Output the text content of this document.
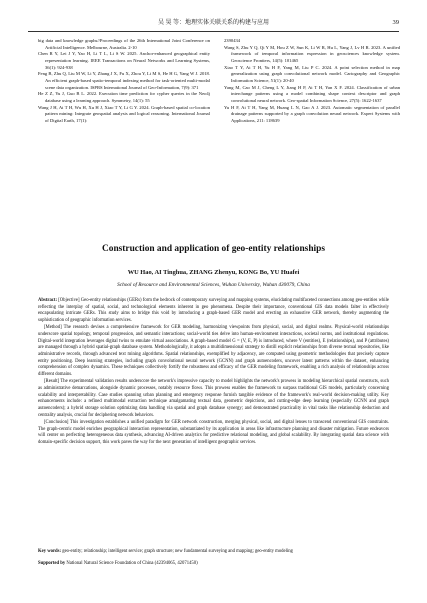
吴 昊 等：地理实体关联关系的构建与应用	39
big data and knowledge graphs//Proceedings of the 26th International Joint Conference on Artificial Intelligence. Melbourne, Australia. 2-10
Chen R Y, Lei J Y, Yao H, Li T L, Li S W. 2025. Anchor-enhanced geographical entity representation learning. IEEE Transactions on Neural Networks and Learning Systems, 36(1): 924-938
Feng B, Zhu Q, Liu M W, Li Y, Zhang J X, Fu X, Zhou Y, Li M S, He H G, Yang W J. 2018. An efficient graph-based spatio-temporal indexing method for task-oriented multi-modal scene data organization. ISPRS International Journal of Geo-Information, 7(9): 371
He Z Z, Yu J, Guo B L. 2022. Execution time prediction for cypher queries in the Neo4j database using a learning approach. Symmetry, 14(1): 55
Wang J H, Ai T H, Wu H, Xu H J, Xiao T Y, Li G Y. 2024. Graph-based spatial co-location pattern mining: Integrate geospatial analysis and logical reasoning. International Journal of Digital Earth, 17(1):
2390434
Wang S, Zhu Y Q, Qi Y M, Hou Z W, Sun K, Li W R, Hu L, Yang J, Lv H R. 2023. A unified framework of temporal information expression in geosciences knowledge system. Geoscience Frontiers, 14(5): 101465
Xiao T Y, Ai T H, Yu H F, Yang M, Liu P C. 2024. A point selection method in map generalization using graph convolutional network model. Cartography and Geographic Information Science, 51(1): 20-40
Yang M, Cao M J, Cheng L Y, Jiang H P, Ai T H, Yan X F. 2024. Classification of urban interchange patterns using a model combining shape context descriptor and graph convolutional neural network. Geo-spatial Information Science, 27(5): 1622-1637
Yu H F, Ai T H, Yang M, Huang L N, Gao A J. 2023. Automatic segmentation of parallel drainage patterns supported by a graph convolution neural network. Expert Systems with Applications, 211: 118639
Construction and application of geo-entity relationships
WU Hao, AI Tinghua, ZHANG Zhenyu, KONG Bo, YU Huafei
School of Resource and Environmental Sciences, Wuhan University, Wuhan 430079, China

Abstract: [Objective] Geo-entity relationships (GERs) form the bedrock of contemporary surveying and mapping systems, elucidating multifaceted connections among geo-entities while reflecting the interplay of spatial, social, and technological elements inherent in geo phenomena. Despite their importance, conventional GIS data models falter in effectively encapsulating intricate GERs. This study aims to bridge this void by introducing a graph-based GER model and erecting an exhaustive GER network, thereby augmenting the sophistication of geographic information services.

[Method] The research devises a comprehensive framework for GER modeling, harmonizing viewpoints from physical, social, and digital realms. Physical-world relationships underscore spatial topology, temporal progression, and semantic interactions; social-world ties delve into human-environment interactions, societal norms, and institutional regulations. Digital-world integration leverages digital twins to emulate virtual associations. A graph-based model G = (V, E, P) is introduced, where V (entities), E (relationships), and P (attributes) are managed through a hybrid spatial-graph database system. Methodologically, it adopts a multidimensional strategy to distill explicit relationships from diverse textual repositories, like administrative records, through advanced text mining algorithms. Spatial relationships, exemplified by adjacency, are computed using geometric methodologies that precisely capture entity positioning. Deep learning strategies, including graph convolutional neural network (GCNN) and graph autoencoders, uncover latent patterns within the dataset, enhancing comprehension of complex dynamics. These techniques collectively fortify the robustness and efficacy of the GER modeling framework, enabling a rich analysis of relationships across different domains.

[Result] The experimental validation results underscore the network's impressive capacity to model highlights the network's prowess in modeling hierarchical spatial constructs, such as administrative demarcations, alongside dynamic processes, notably resource flows. This prowess enables the framework to surpass traditional GIS models, particularly concerning scalability and interpretability. Case studies spanning urban planning and emergency response furnish tangible evidence of the framework's real-world decision-making utility. Key enhancements include: a refined multimodal extraction technique amalgamating textual data, geometric depictions, and cutting-edge deep learning (especially GCNN and graph autoencoders); a hybrid storage solution optimizing data handling via spatial and graph database synergy; and demonstrated practicality in vital tasks like relationship deduction and centrality analysis, crucial for deciphering network behaviors.

[Conclusion] This investigation establishes a unified paradigm for GER network construction, merging physical, social, and digital lenses to transcend conventional GIS constraints. The graph-centric model enriches geographical interaction representation, substantiated by its application in areas like infrastructure planning and disaster mitigation. Future endeavors will center on perfecting heterogeneous data synthesis, advancing AI-driven analytics for predictive relational modeling, and global scalability. By integrating spatial data science with domain-specific decision support, this work paves the way for the next generation of intelligent geographic services.

Key words: geo-entity; relationship; intelligent service; graph structure; new fundamental surveying and mapping; geo-entity modeling
Supported by National Natural Science Foundation of China (42394065, 42071450)
